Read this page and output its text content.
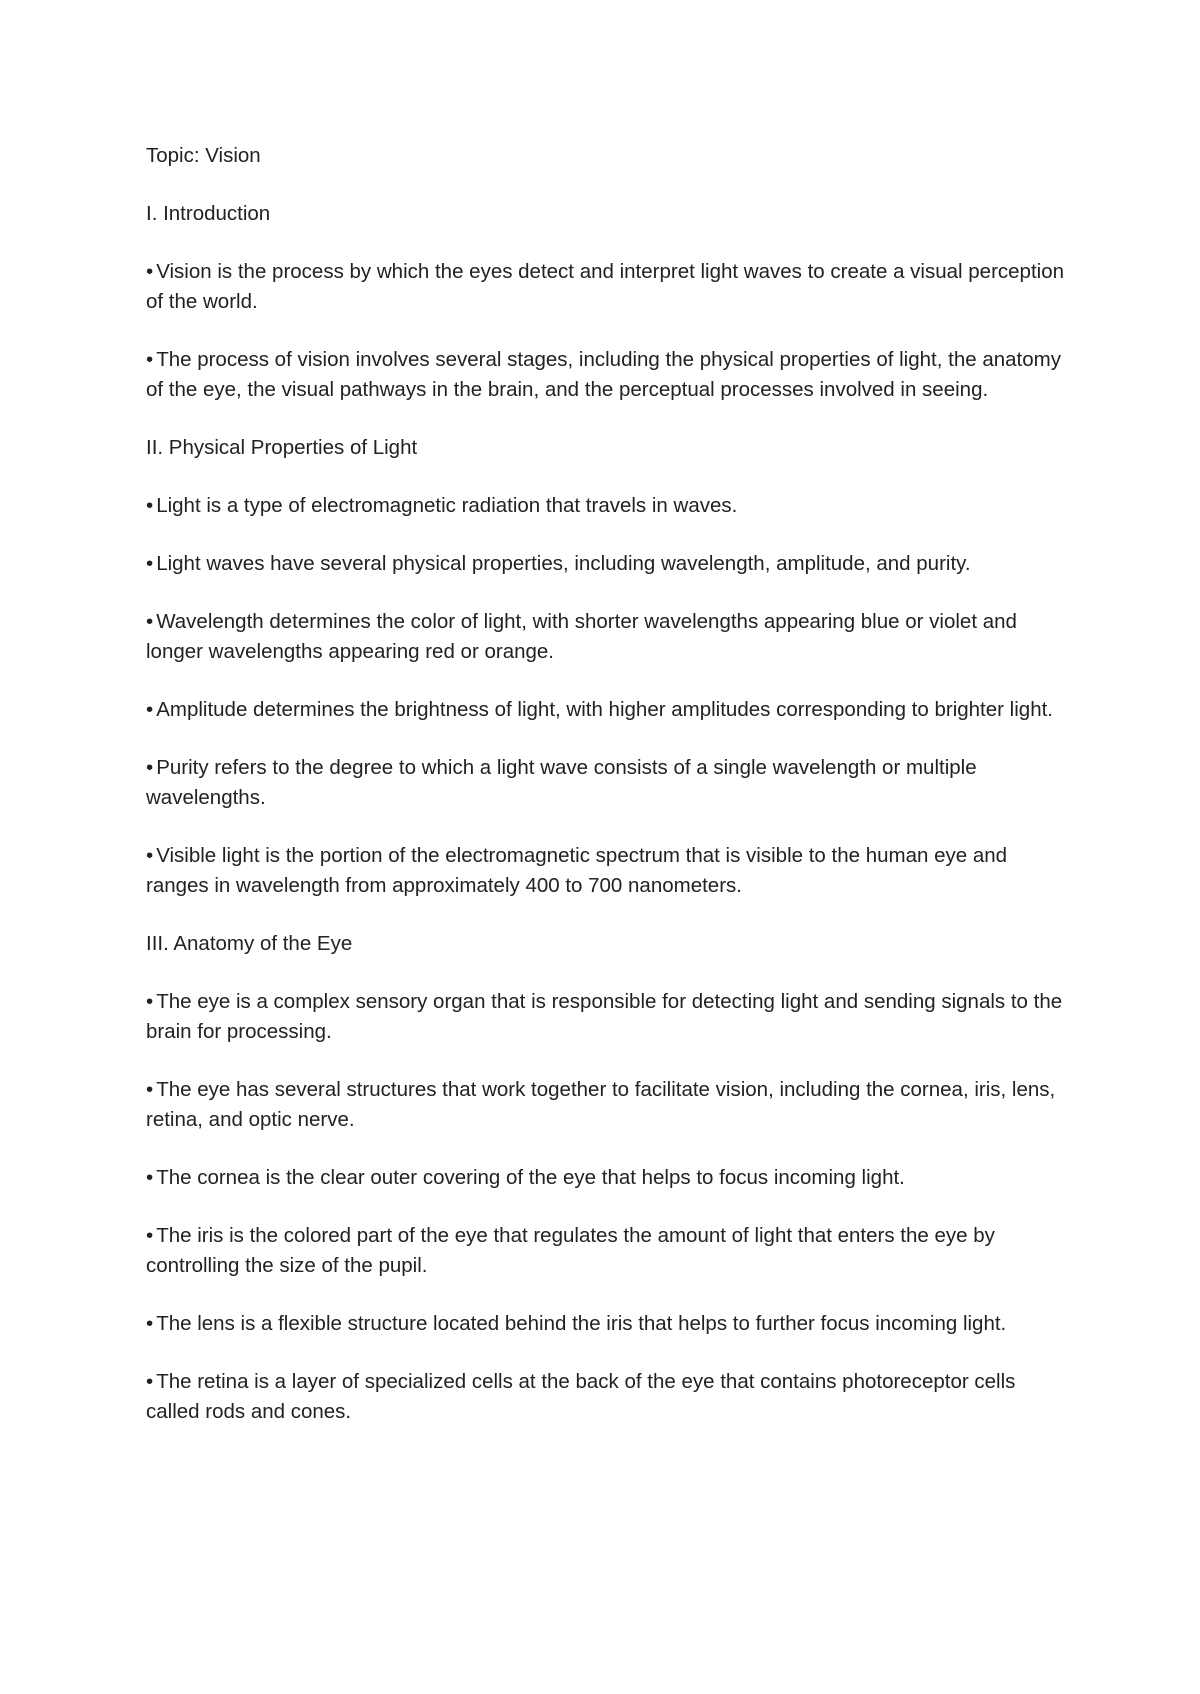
Topic: Vision
I. Introduction
• Vision is the process by which the eyes detect and interpret light waves to create a visual perception of the world.
• The process of vision involves several stages, including the physical properties of light, the anatomy of the eye, the visual pathways in the brain, and the perceptual processes involved in seeing.
II. Physical Properties of Light
• Light is a type of electromagnetic radiation that travels in waves.
• Light waves have several physical properties, including wavelength, amplitude, and purity.
• Wavelength determines the color of light, with shorter wavelengths appearing blue or violet and longer wavelengths appearing red or orange.
• Amplitude determines the brightness of light, with higher amplitudes corresponding to brighter light.
• Purity refers to the degree to which a light wave consists of a single wavelength or multiple wavelengths.
• Visible light is the portion of the electromagnetic spectrum that is visible to the human eye and ranges in wavelength from approximately 400 to 700 nanometers.
III. Anatomy of the Eye
• The eye is a complex sensory organ that is responsible for detecting light and sending signals to the brain for processing.
• The eye has several structures that work together to facilitate vision, including the cornea, iris, lens, retina, and optic nerve.
• The cornea is the clear outer covering of the eye that helps to focus incoming light.
• The iris is the colored part of the eye that regulates the amount of light that enters the eye by controlling the size of the pupil.
• The lens is a flexible structure located behind the iris that helps to further focus incoming light.
• The retina is a layer of specialized cells at the back of the eye that contains photoreceptor cells called rods and cones.
